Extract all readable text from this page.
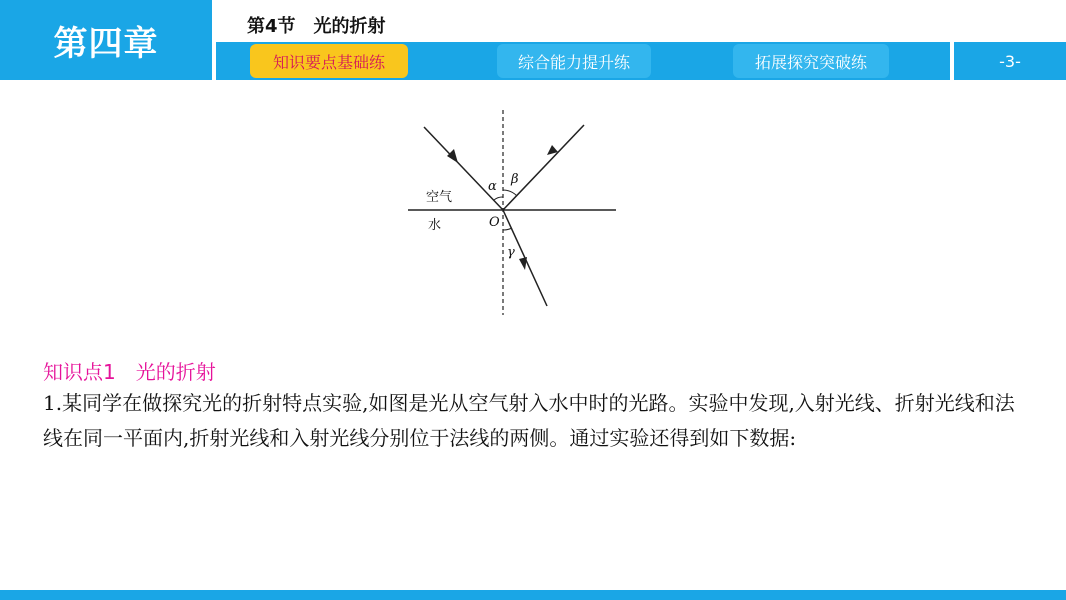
第四章	第4节　光的折射
知识要点基础练	综合能力提升练	拓展探究突破练	-3-
空气
水	O
α β
γ
知识点1　光的折射
1.某同学在做探究光的折射特点实验,如图是光从空气射入水中时的光路。实验中发现,入射光线、折射光线和法线在同一平面内,折射光线和入射光线分别位于法线的两侧。通过实验还得到如下数据:
